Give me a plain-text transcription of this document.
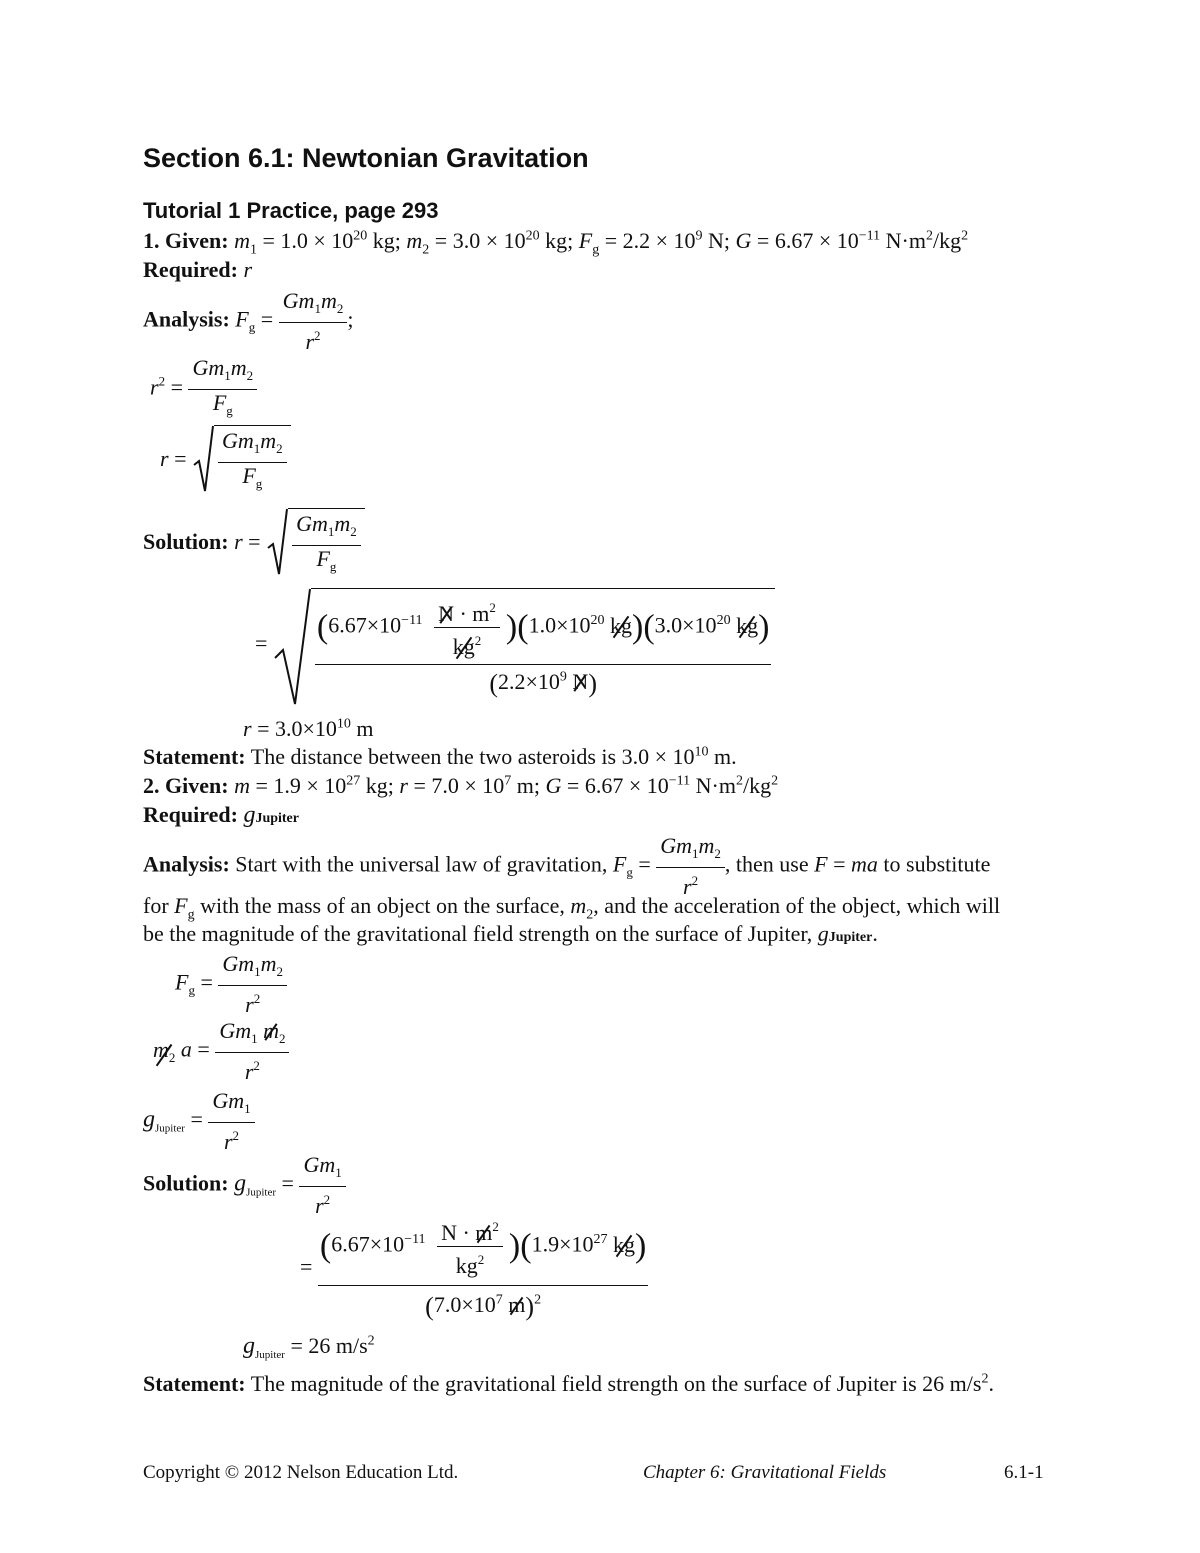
Section 6.1: Newtonian Gravitation
Tutorial 1 Practice, page 293
1. Given: $m_1 = 1.0 \times 10^{20}$ kg; $m_2 = 3.0 \times 10^{20}$ kg; $F_g = 2.2 \times 10^9$ N; $G = 6.67 \times 10^{-11}$ $N\cdot m^2/kg^2$
Required: r
Analysis: $F_g = \frac{Gm_1m_2}{r^2}$ ;
$r^2 = \frac{Gm_1m_2}{F_g}$
$r = \frac{Gm_1m_2}{F_g}$
Solution: $r = \frac{Gm_1m_2}{F_g}$
= $\frac{(6.67\times 10^{-11} \frac{N \cdot m^2}{kg^2} )(1.0\times 10^{20} kg)(3.0\times 10^{20} kg)}{(2.2\times 10^9 N)}$
$r = 3.0\times 10^{10}$ m
Statement: The distance between the two asteroids is $3.0 \times 10^{10}$ m.
2. Given: $m = 1.9 \times 10^{27}$ kg; $r = 7.0 \times 10^7$ m; $G = 6.67 \times 10^{-11}$ $N\cdot m^2/kg^2$
Required: gJupiter
Analysis: Start with the universal law of gravitation, $F_g = \frac{Gm_1m_2}{r^2}$ , then use F = ma to substitute
for $F_g$ with the mass of an object on the surface, $m_2$, and the acceleration of the object, which will
be the magnitude of the gravitational field strength on the surface of Jupiter, gJupiter.
$F_g = \frac{Gm_1m_2}{r^2}$
$m_2$ $a = \frac{Gm_1 m_2}{r^2}$
$g_{Jupiter} = \frac{Gm_1}{r^2}$
Solution: $g_{Jupiter} = \frac{Gm_1}{r^2}$
= $\frac{(6.67\times 10^{-11} \frac{N \cdot m^2}{kg^2} )(1.9\times 10^{27} kg)}{(7.0\times 10^7 m)^2}$
$g_{Jupiter} = 26$ $m/s^2$
Statement: The magnitude of the gravitational field strength on the surface of Jupiter is 26 $m/s^2$.
Copyright © 2012 Nelson Education Ltd.	Chapter 6: Gravitational Fields	6.1-1
